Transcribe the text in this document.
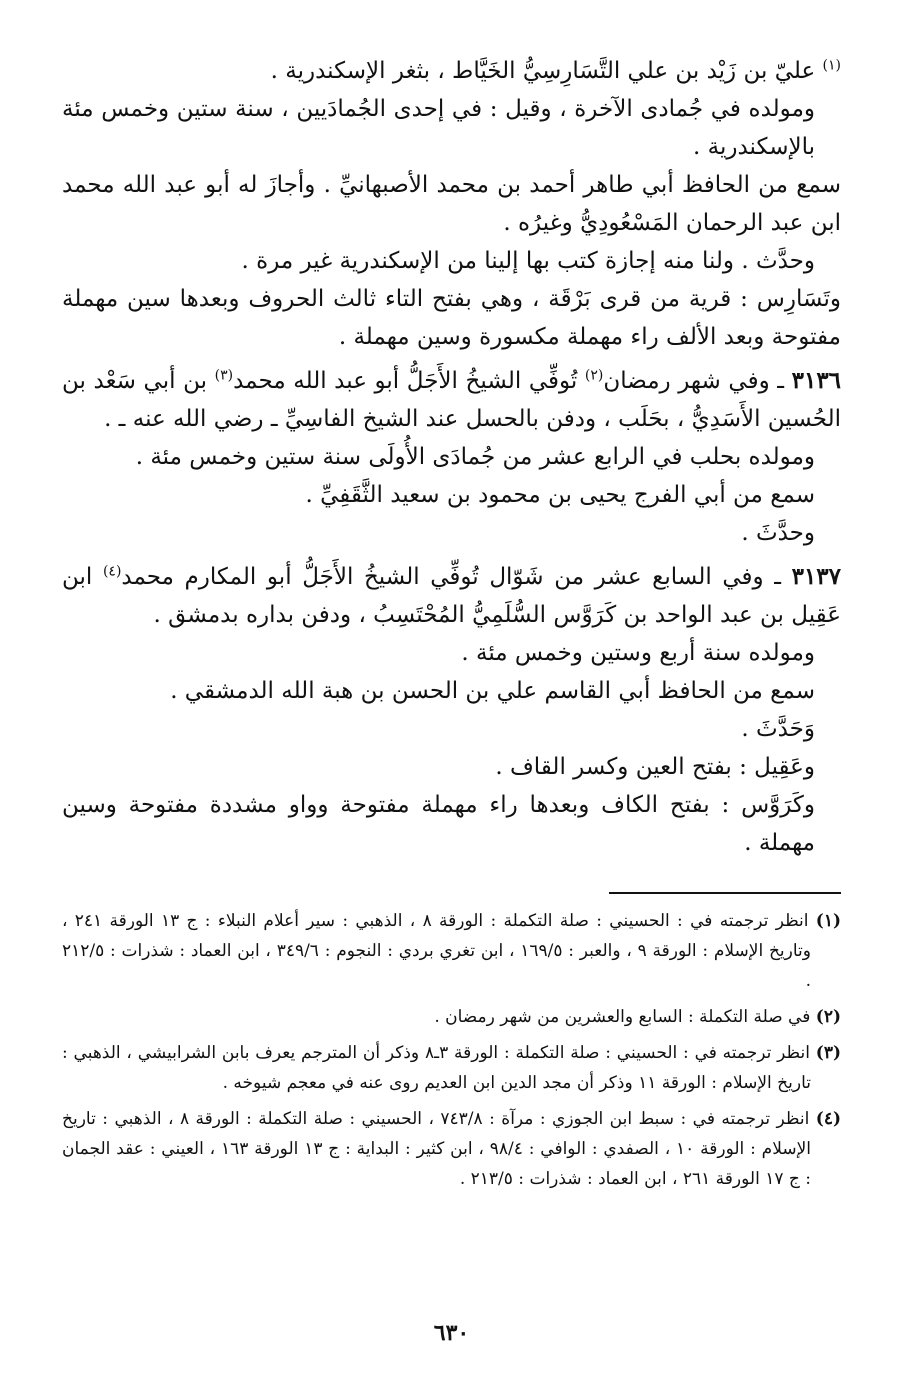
$^{(١)}$ عليّ بن زَيْد بن علي التَّسَارِسِيُّ الخَيَّاط ، بثغر الإسكندرية .

ومولده في جُمادى الآخرة ، وقيل : في إحدى الجُمادَيين ، سنة ستين وخمس مئة بالإسكندرية .

سمع من الحافظ أبي طاهر أحمد بن محمد الأصبهانيِّ . وأجازَ له أبو عبد الله محمد ابن عبد الرحمان المَسْعُودِيُّ وغيرُه .

وحدَّث . ولنا منه إجازة كتب بها إلينا من الإسكندرية غير مرة .

وتَسَارِس : قرية من قرى بَرْقَة ، وهي بفتح التاء ثالث الحروف وبعدها سين مهملة مفتوحة وبعد الألف راء مهملة مكسورة وسين مهملة .

٣١٣٦ ـ وفي شهر رمضان$^{(٢)}$ تُوفِّي الشيخُ الأَجَلُّ أبو عبد الله محمد$^{(٣)}$ بن أبي سَعْد بن الحُسين الأَسَدِيُّ ، بحَلَب ، ودفن بالحسل عند الشيخ الفاسِيِّ ـ رضي الله عنه ـ .

ومولده بحلب في الرابع عشر من جُمادَى الأُولَى سنة ستين وخمس مئة .

سمع من أبي الفرج يحيى بن محمود بن سعيد الثَّقَفِيِّ .

وحدَّثَ .

٣١٣٧ ـ وفي السابع عشر من شَوّال تُوفِّي الشيخُ الأَجَلُّ أبو المكارم محمد$^{(٤)}$ ابن عَقِيل بن عبد الواحد بن كَرَوَّس السُّلَمِيُّ المُحْتَسِبُ ، ودفن بداره بدمشق .

ومولده سنة أربع وستين وخمس مئة .

سمع من الحافظ أبي القاسم علي بن الحسن بن هبة الله الدمشقي .

وَحَدَّثَ .

وعَقِيل : بفتح العين وكسر القاف .

وكَرَوَّس : بفتح الكاف وبعدها راء مهملة مفتوحة وواو مشددة مفتوحة وسين مهملة .

(١) انظر ترجمته في : الحسيني : صلة التكملة : الورقة ٨ ، الذهبي : سير أعلام النبلاء : ج ١٣ الورقة ٢٤١ ، وتاريخ الإسلام : الورقة ٩ ، والعبر : ١٦٩/٥ ، ابن تغري بردي : النجوم : ٣٤٩/٦ ، ابن العماد : شذرات : ٢١٢/٥ .

(٢) في صلة التكملة : السابع والعشرين من شهر رمضان .

(٣) انظر ترجمته في : الحسيني : صلة التكملة : الورقة ٣ـ٨ وذكر أن المترجم يعرف بابن الشرابيشي ، الذهبي : تاريخ الإسلام : الورقة ١١ وذكر أن مجد الدين ابن العديم روى عنه في معجم شيوخه .

(٤) انظر ترجمته في : سبط ابن الجوزي : مرآة : ٧٤٣/٨ ، الحسيني : صلة التكملة : الورقة ٨ ، الذهبي : تاريخ الإسلام : الورقة ١٠ ، الصفدي : الوافي : ٩٨/٤ ، ابن كثير : البداية : ج ١٣ الورقة ١٦٣ ، العيني : عقد الجمان : ج ١٧ الورقة ٢٦١ ، ابن العماد : شذرات : ٢١٣/٥ .

٦٣٠
